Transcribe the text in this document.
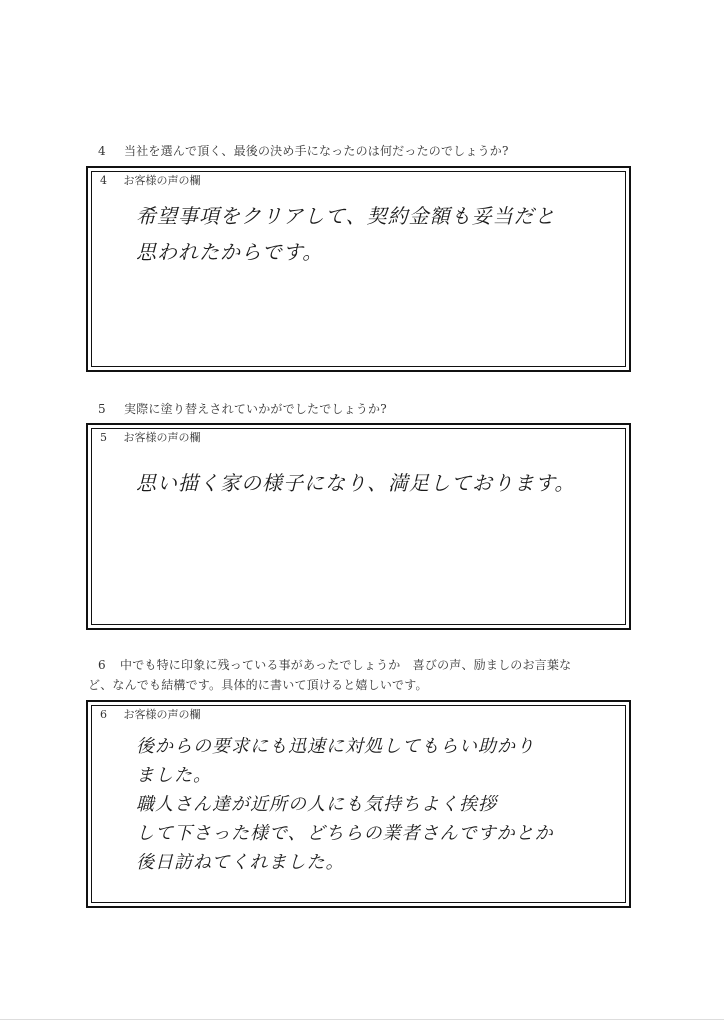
4 当社を選んで頂く、最後の決め手になったのは何だったのでしょうか?
4 お客様の声の欄
希望事項をクリアして、契約金額も妥当だと
思われたからです。
5 実際に塗り替えされていかがでしたでしょうか?
5 お客様の声の欄
思い描く家の様子になり、満足しております。
6 中でも特に印象に残っている事があったでしょうか　喜びの声、励ましのお言葉な
ど、なんでも結構です。具体的に書いて頂けると嬉しいです。
6 お客様の声の欄
後からの要求にも迅速に対処してもらい助かり
ました。
職人さん達が近所の人にも気持ちよく挨拶
して下さった様で、どちらの業者さんですかとか
後日訪ねてくれました。
